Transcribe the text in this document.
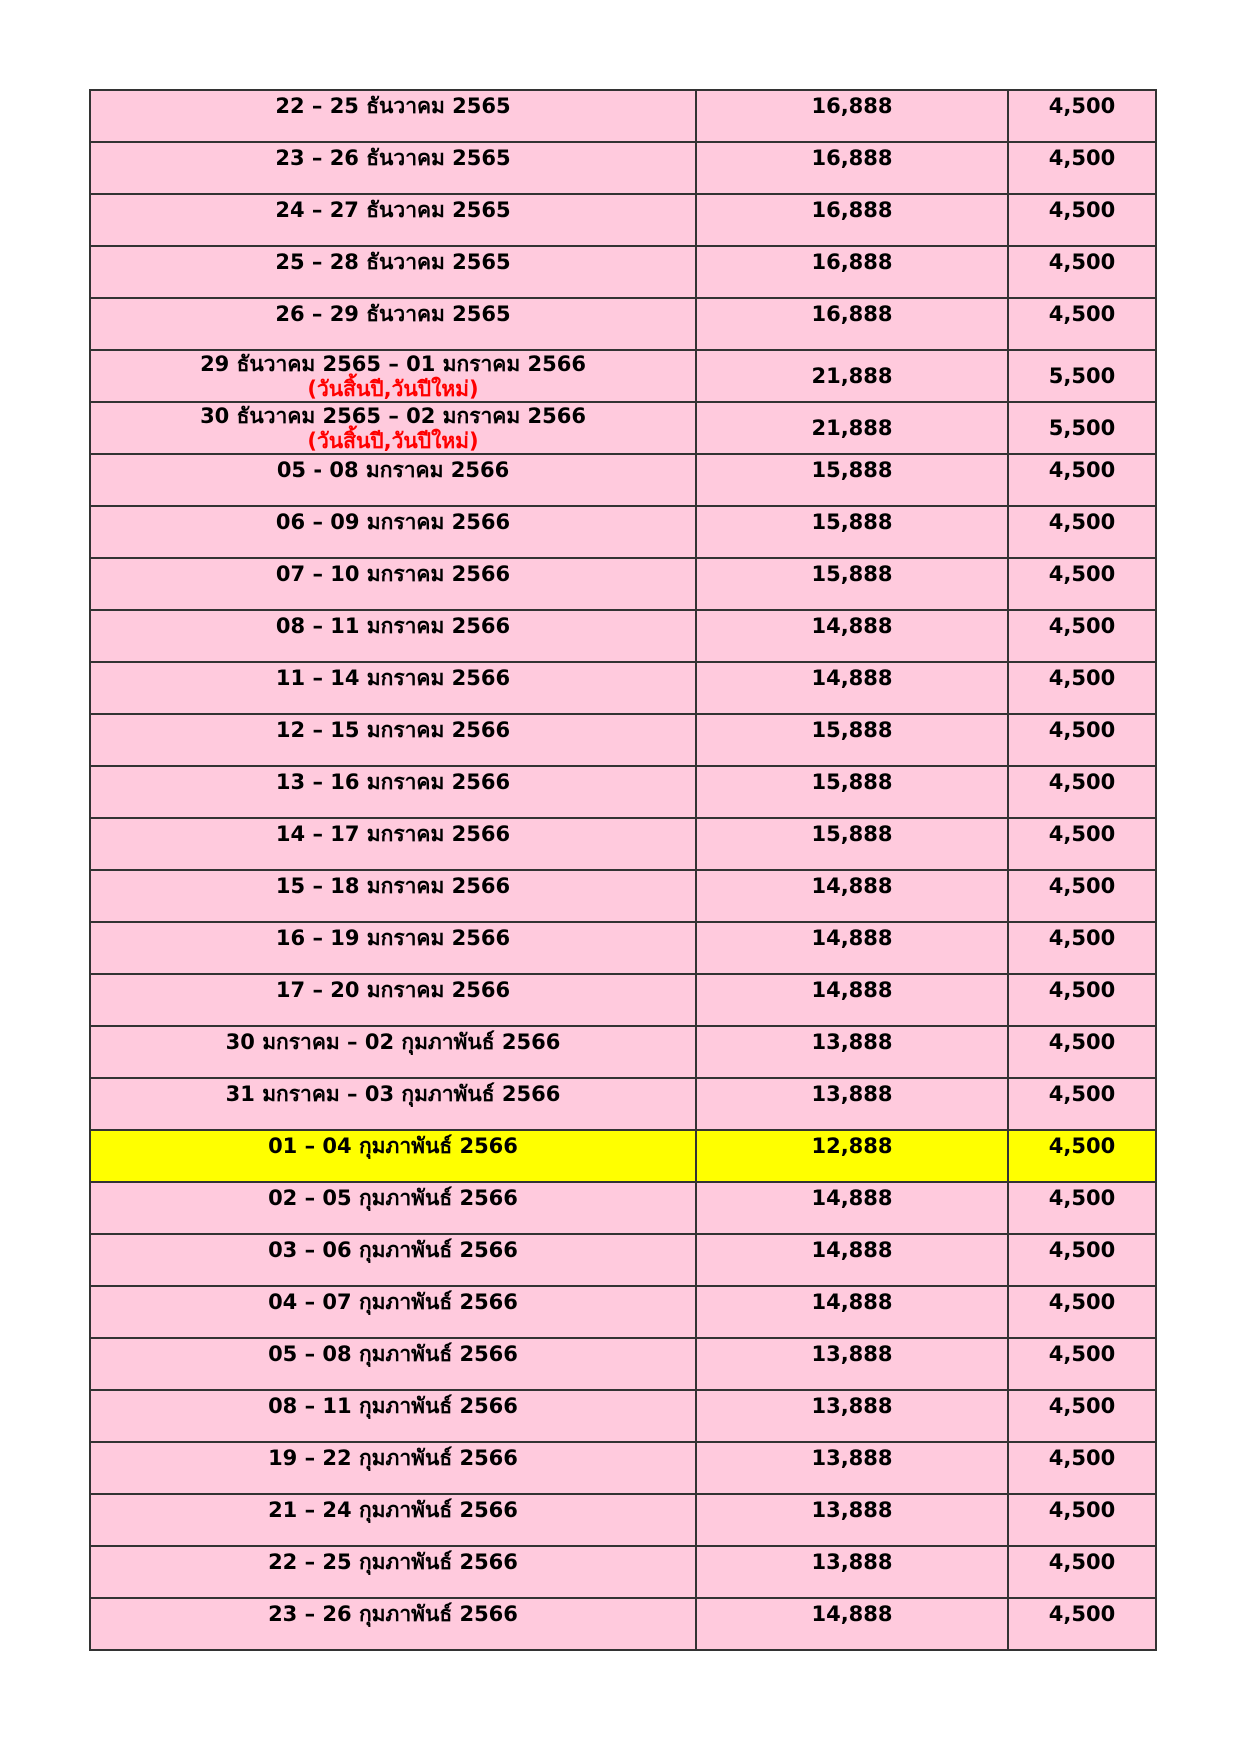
22 – 25 ธันวาคม 2565	16,888	4,500

23 – 26 ธันวาคม 2565	16,888	4,500

24 – 27 ธันวาคม 2565	16,888	4,500

25 – 28 ธันวาคม 2565	16,888	4,500

26 – 29 ธันวาคม 2565	16,888	4,500

29 ธันวาคม 2565 – 01 มกราคม 2566
(วันสิ้นปี,วันปีใหม่)	21,888	5,500

30 ธันวาคม 2565 – 02 มกราคม 2566
(วันสิ้นปี,วันปีใหม่)	21,888	5,500

05 - 08 มกราคม 2566	15,888	4,500

06 – 09 มกราคม 2566	15,888	4,500

07 – 10 มกราคม 2566	15,888	4,500

08 – 11 มกราคม 2566	14,888	4,500

11 – 14 มกราคม 2566	14,888	4,500

12 – 15 มกราคม 2566	15,888	4,500

13 – 16 มกราคม 2566	15,888	4,500

14 – 17 มกราคม 2566	15,888	4,500

15 – 18 มกราคม 2566	14,888	4,500

16 – 19 มกราคม 2566	14,888	4,500

17 – 20 มกราคม 2566	14,888	4,500

30 มกราคม – 02 กุมภาพันธ์ 2566	13,888	4,500

31 มกราคม – 03 กุมภาพันธ์ 2566	13,888	4,500

01 – 04 กุมภาพันธ์ 2566	12,888	4,500

02 – 05 กุมภาพันธ์ 2566	14,888	4,500

03 – 06 กุมภาพันธ์ 2566	14,888	4,500

04 – 07 กุมภาพันธ์ 2566	14,888	4,500

05 – 08 กุมภาพันธ์ 2566	13,888	4,500

08 – 11 กุมภาพันธ์ 2566	13,888	4,500

19 – 22 กุมภาพันธ์ 2566	13,888	4,500

21 – 24 กุมภาพันธ์ 2566	13,888	4,500

22 – 25 กุมภาพันธ์ 2566	13,888	4,500

23 – 26 กุมภาพันธ์ 2566	14,888	4,500
